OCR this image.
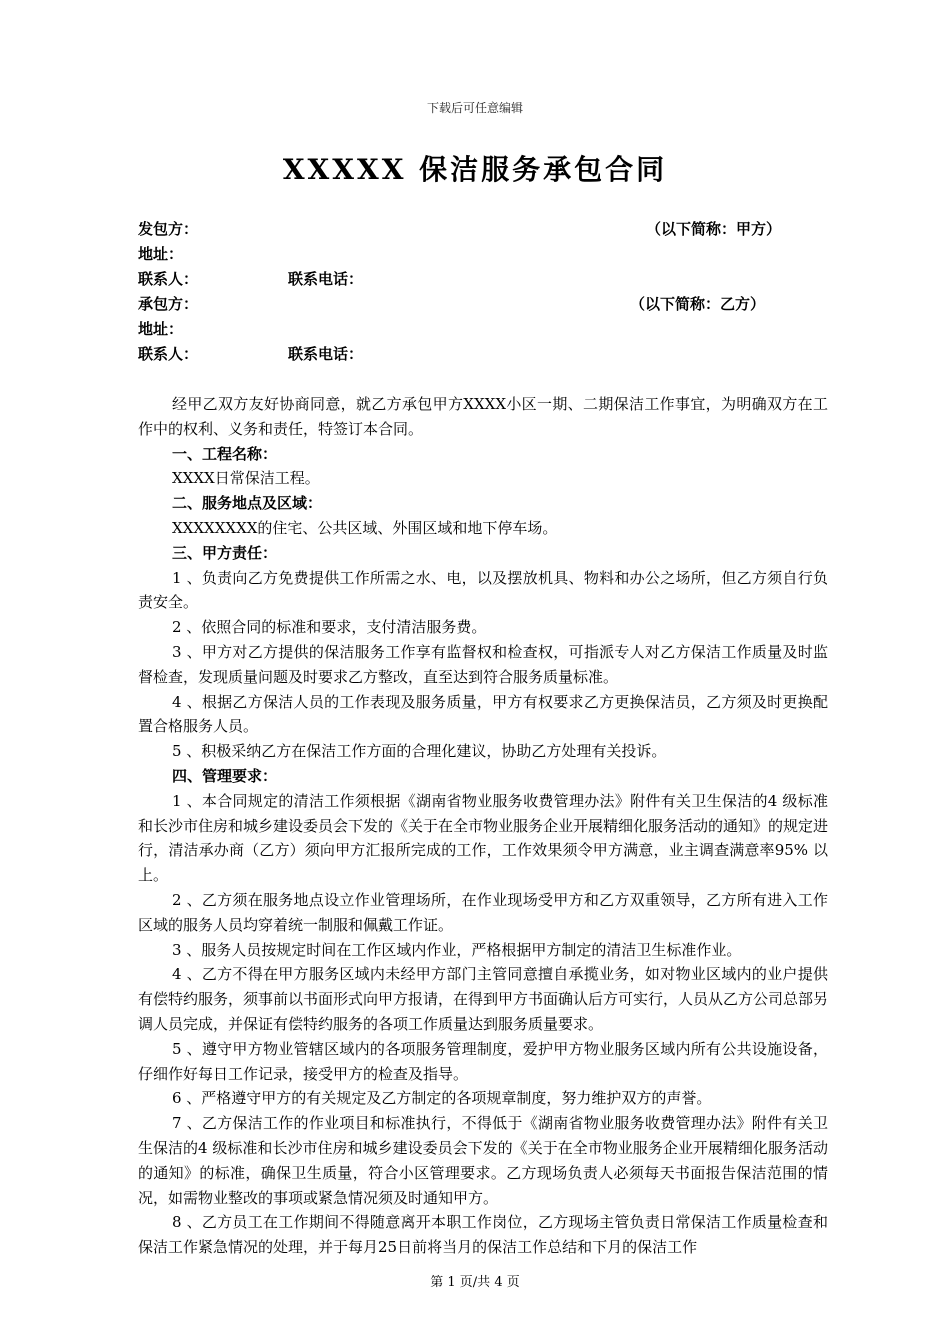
下载后可任意编辑
XXXXX 保洁服务承包合同
发包方：	（以下简称：甲方）
地址：
联系人：	联系电话：
承包方：	（以下简称：乙方）
地址：
联系人：	联系电话：

经甲乙双方友好协商同意，就乙方承包甲方XXXX小区一期、二期保洁工作事宜，为明确双方在工作中的权利、义务和责任，特签订本合同。

一、工程名称：

XXXX日常保洁工程。

二、服务地点及区域：

XXXXXXXX的住宅、公共区域、外围区域和地下停车场。

三、甲方责任：

1 、负责向乙方免费提供工作所需之水、电，以及摆放机具、物料和办公之场所，但乙方须自行负责安全。

2 、依照合同的标准和要求，支付清洁服务费。

3 、甲方对乙方提供的保洁服务工作享有监督权和检查权，可指派专人对乙方保洁工作质量及时监督检查，发现质量问题及时要求乙方整改，直至达到符合服务质量标准。

4 、根据乙方保洁人员的工作表现及服务质量，甲方有权要求乙方更换保洁员，乙方须及时更换配置合格服务人员。

5 、积极采纳乙方在保洁工作方面的合理化建议，协助乙方处理有关投诉。

四、管理要求：

1 、本合同规定的清洁工作须根据《湖南省物业服务收费管理办法》附件有关卫生保洁的4 级标准和长沙市住房和城乡建设委员会下发的《关于在全市物业服务企业开展精细化服务活动的通知》的规定进行，清洁承办商（乙方）须向甲方汇报所完成的工作，工作效果须令甲方满意，业主调查满意率95% 以上。

2 、乙方须在服务地点设立作业管理场所，在作业现场受甲方和乙方双重领导，乙方所有进入工作区域的服务人员均穿着统一制服和佩戴工作证。

3 、服务人员按规定时间在工作区域内作业，严格根据甲方制定的清洁卫生标准作业。

4 、乙方不得在甲方服务区域内未经甲方部门主管同意擅自承揽业务，如对物业区域内的业户提供有偿特约服务，须事前以书面形式向甲方报请，在得到甲方书面确认后方可实行，人员从乙方公司总部另调人员完成，并保证有偿特约服务的各项工作质量达到服务质量要求。

5 、遵守甲方物业管辖区域内的各项服务管理制度，爱护甲方物业服务区域内所有公共设施设备，仔细作好每日工作记录，接受甲方的检查及指导。

6 、严格遵守甲方的有关规定及乙方制定的各项规章制度，努力维护双方的声誉。

7 、乙方保洁工作的作业项目和标准执行，不得低于《湖南省物业服务收费管理办法》附件有关卫生保洁的4 级标准和长沙市住房和城乡建设委员会下发的《关于在全市物业服务企业开展精细化服务活动的通知》的标准，确保卫生质量，符合小区管理要求。乙方现场负责人必须每天书面报告保洁范围的情况，如需物业整改的事项或紧急情况须及时通知甲方。

8 、乙方员工在工作期间不得随意离开本职工作岗位，乙方现场主管负责日常保洁工作质量检查和保洁工作紧急情况的处理，并于每月25日前将当月的保洁工作总结和下月的保洁工作

第 1 页/共 4 页
